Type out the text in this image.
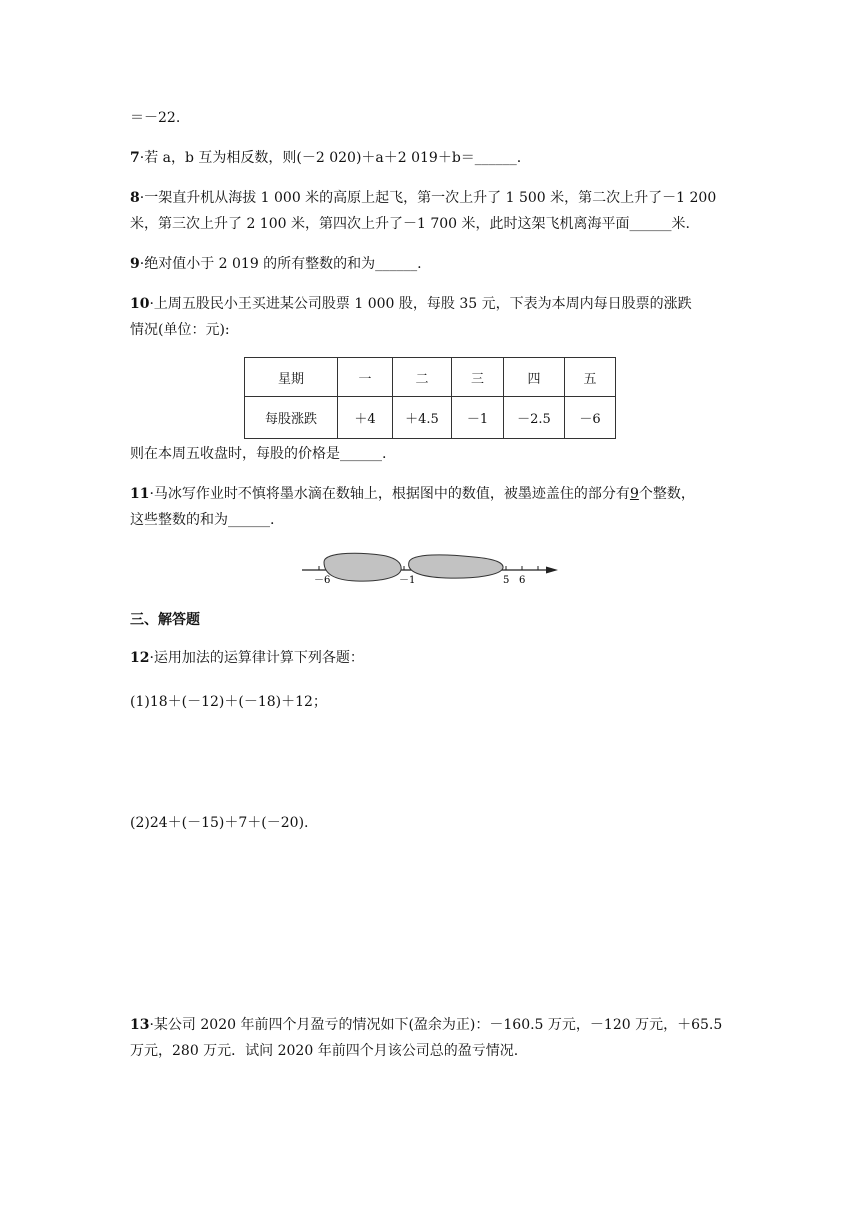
＝－22.
7·若 a，b 互为相反数，则(－2 020)＋a＋2 019＋b＝______.
8·一架直升机从海拔 1 000 米的高原上起飞，第一次上升了 1 500 米，第二次上升了－1 200
米，第三次上升了 2 100 米，第四次上升了－1 700 米，此时这架飞机离海平面______米.
9·绝对值小于 2 019 的所有整数的和为______.
10·上周五股民小王买进某公司股票 1 000 股，每股 35 元，下表为本周内每日股票的涨跌
情况(单位：元):
星期	一	二	三	四	五
每股涨跌	＋4	＋4.5	－1	－2.5	－6
则在本周五收盘时，每股的价格是______.
11·马冰写作业时不慎将墨水滴在数轴上，根据图中的数值，被墨迹盖住的部分有9个整数，
这些整数的和为______.
－6	－1	5 6
三、解答题
12·运用加法的运算律计算下列各题：
(1)18＋(－12)＋(－18)＋12；
(2)24＋(－15)＋7＋(－20).
13·某公司 2020 年前四个月盈亏的情况如下(盈余为正)：－160.5 万元，－120 万元，＋65.5
万元，280 万元．试问 2020 年前四个月该公司总的盈亏情况.
